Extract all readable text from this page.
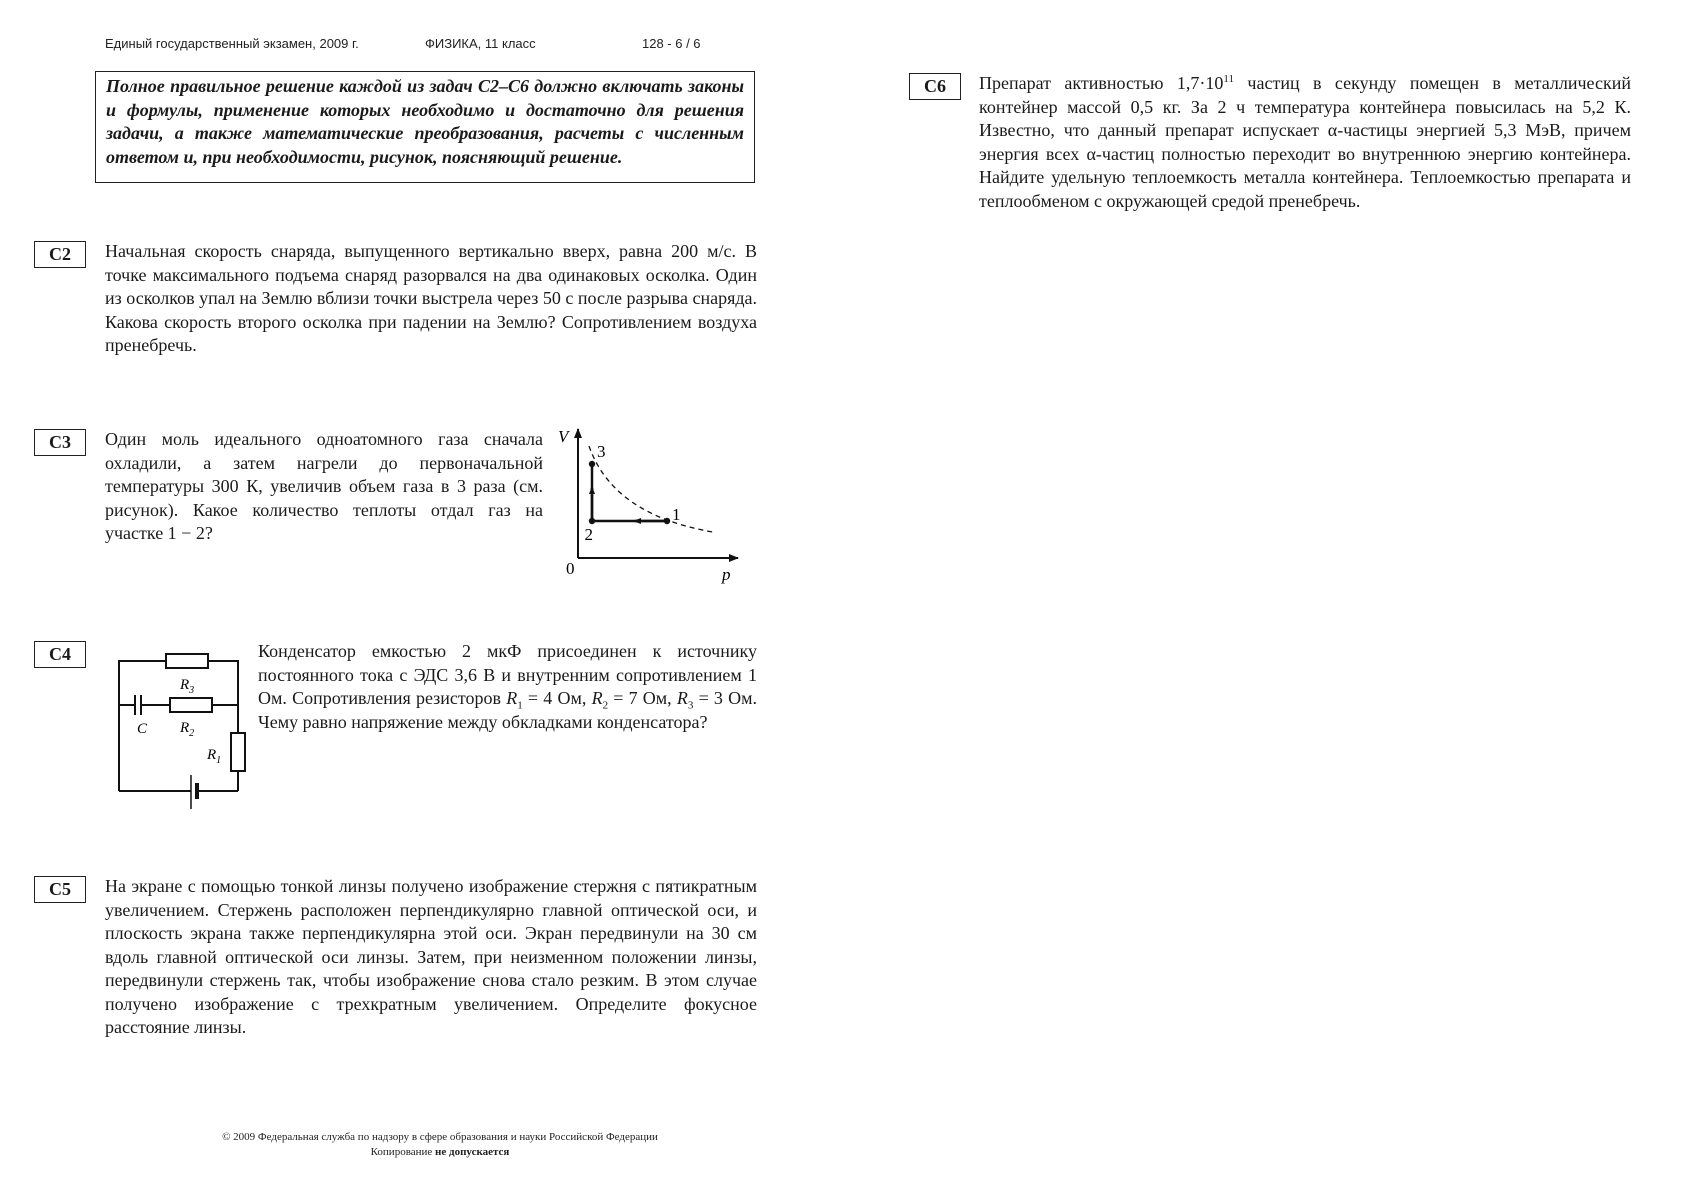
Единый государственный экзамен, 2009 г.	ФИЗИКА, 11 класс	128 - 6 / 6
Полное правильное решение каждой из задач С2–С6 должно включать законы и формулы, применение которых необходимо и достаточно для решения задачи, а также математические преобразования, расчеты с численным ответом и, при необходимости, рисунок, поясняющий решение.
С2	Начальная скорость снаряда, выпущенного вертикально вверх, равна 200 м/с. В точке максимального подъема снаряд разорвался на два одинаковых осколка. Один из осколков упал на Землю вблизи точки выстрела через 50 с после разрыва снаряда. Какова скорость второго осколка при падении на Землю? Сопротивлением воздуха пренебречь.
С3	Один моль идеального одноатомного газа сначала охладили, а затем нагрели до первоначальной температуры 300 К, увеличив объем газа в 3 раза (см. рисунок). Какое количество теплоты отдал газ на участке 1 − 2?
V
p
0
3
2
1
С4
$R_3$
$R_2$
$R_1$
C
Конденсатор емкостью 2 мкФ присоединен к источнику постоянного тока с ЭДС 3,6 В и внутренним сопротивлением 1 Ом. Сопротивления резисторов $R_1 = 4$ Ом, $R_2 = 7$ Ом, $R_3 = 3$ Ом. Чему равно напряжение между обкладками конденсатора?
С5	На экране с помощью тонкой линзы получено изображение стержня с пятикратным увеличением. Стержень расположен перпендикулярно главной оптической оси, и плоскость экрана также перпендикулярна этой оси. Экран передвинули на 30 см вдоль главной оптической оси линзы. Затем, при неизменном положении линзы, передвинули стержень так, чтобы изображение снова стало резким. В этом случае получено изображение с трехкратным увеличением. Определите фокусное расстояние линзы.
С6	Препарат активностью $1,7\cdot 10^{11}$ частиц в секунду помещен в металлический контейнер массой 0,5 кг. За 2 ч температура контейнера повысилась на 5,2 К. Известно, что данный препарат испускает α-частицы энергией 5,3 МэВ, причем энергия всех α-частиц полностью переходит во внутреннюю энергию контейнера. Найдите удельную теплоемкость металла контейнера. Теплоемкостью препарата и теплообменом с окружающей средой пренебречь.
© 2009 Федеральная служба по надзору в сфере образования и науки Российской Федерации
Копирование не допускается
